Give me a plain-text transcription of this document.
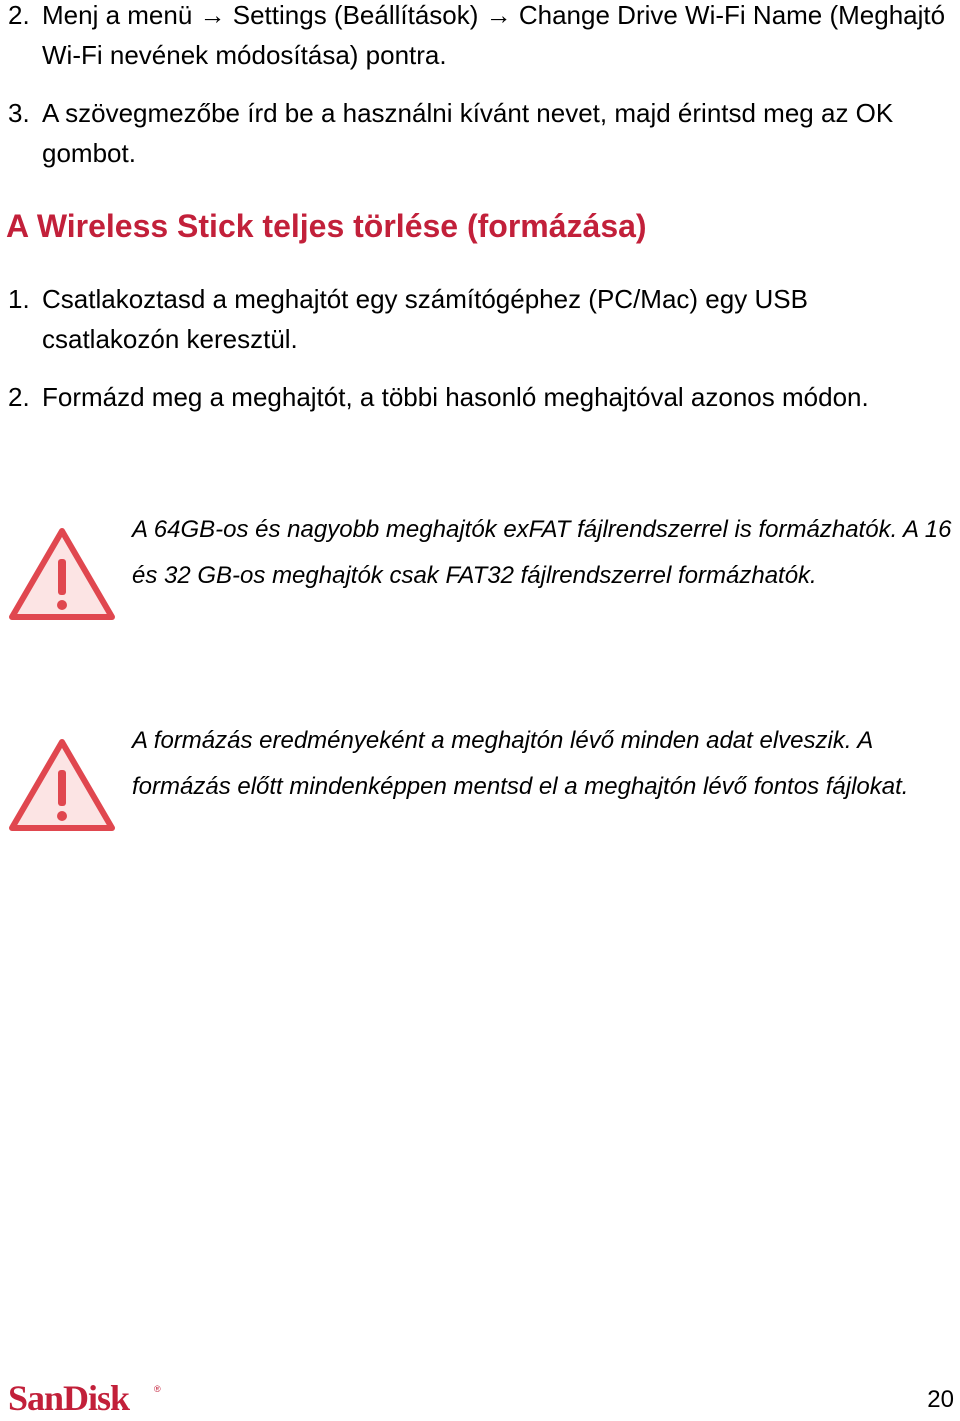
2. Menj a menü → Settings (Beállítások) → Change Drive Wi-Fi Name (Meghajtó Wi-Fi nevének módosítása) pontra.
3. A szövegmezőbe írd be a használni kívánt nevet, majd érintsd meg az OK gombot.
A Wireless Stick teljes törlése (formázása)
1. Csatlakoztasd a meghajtót egy számítógéphez (PC/Mac) egy USB csatlakozón keresztül.
2. Formázd meg a meghajtót, a többi hasonló meghajtóval azonos módon.
A 64GB-os és nagyobb meghajtók exFAT fájlrendszerrel is formázhatók. A 16 és 32 GB-os meghajtók csak FAT32 fájlrendszerrel formázhatók.
A formázás eredményeként a meghajtón lévő minden adat elveszik. A formázás előtt mindenképpen mentsd el a meghajtón lévő fontos fájlokat.
SanDisk	®	20
